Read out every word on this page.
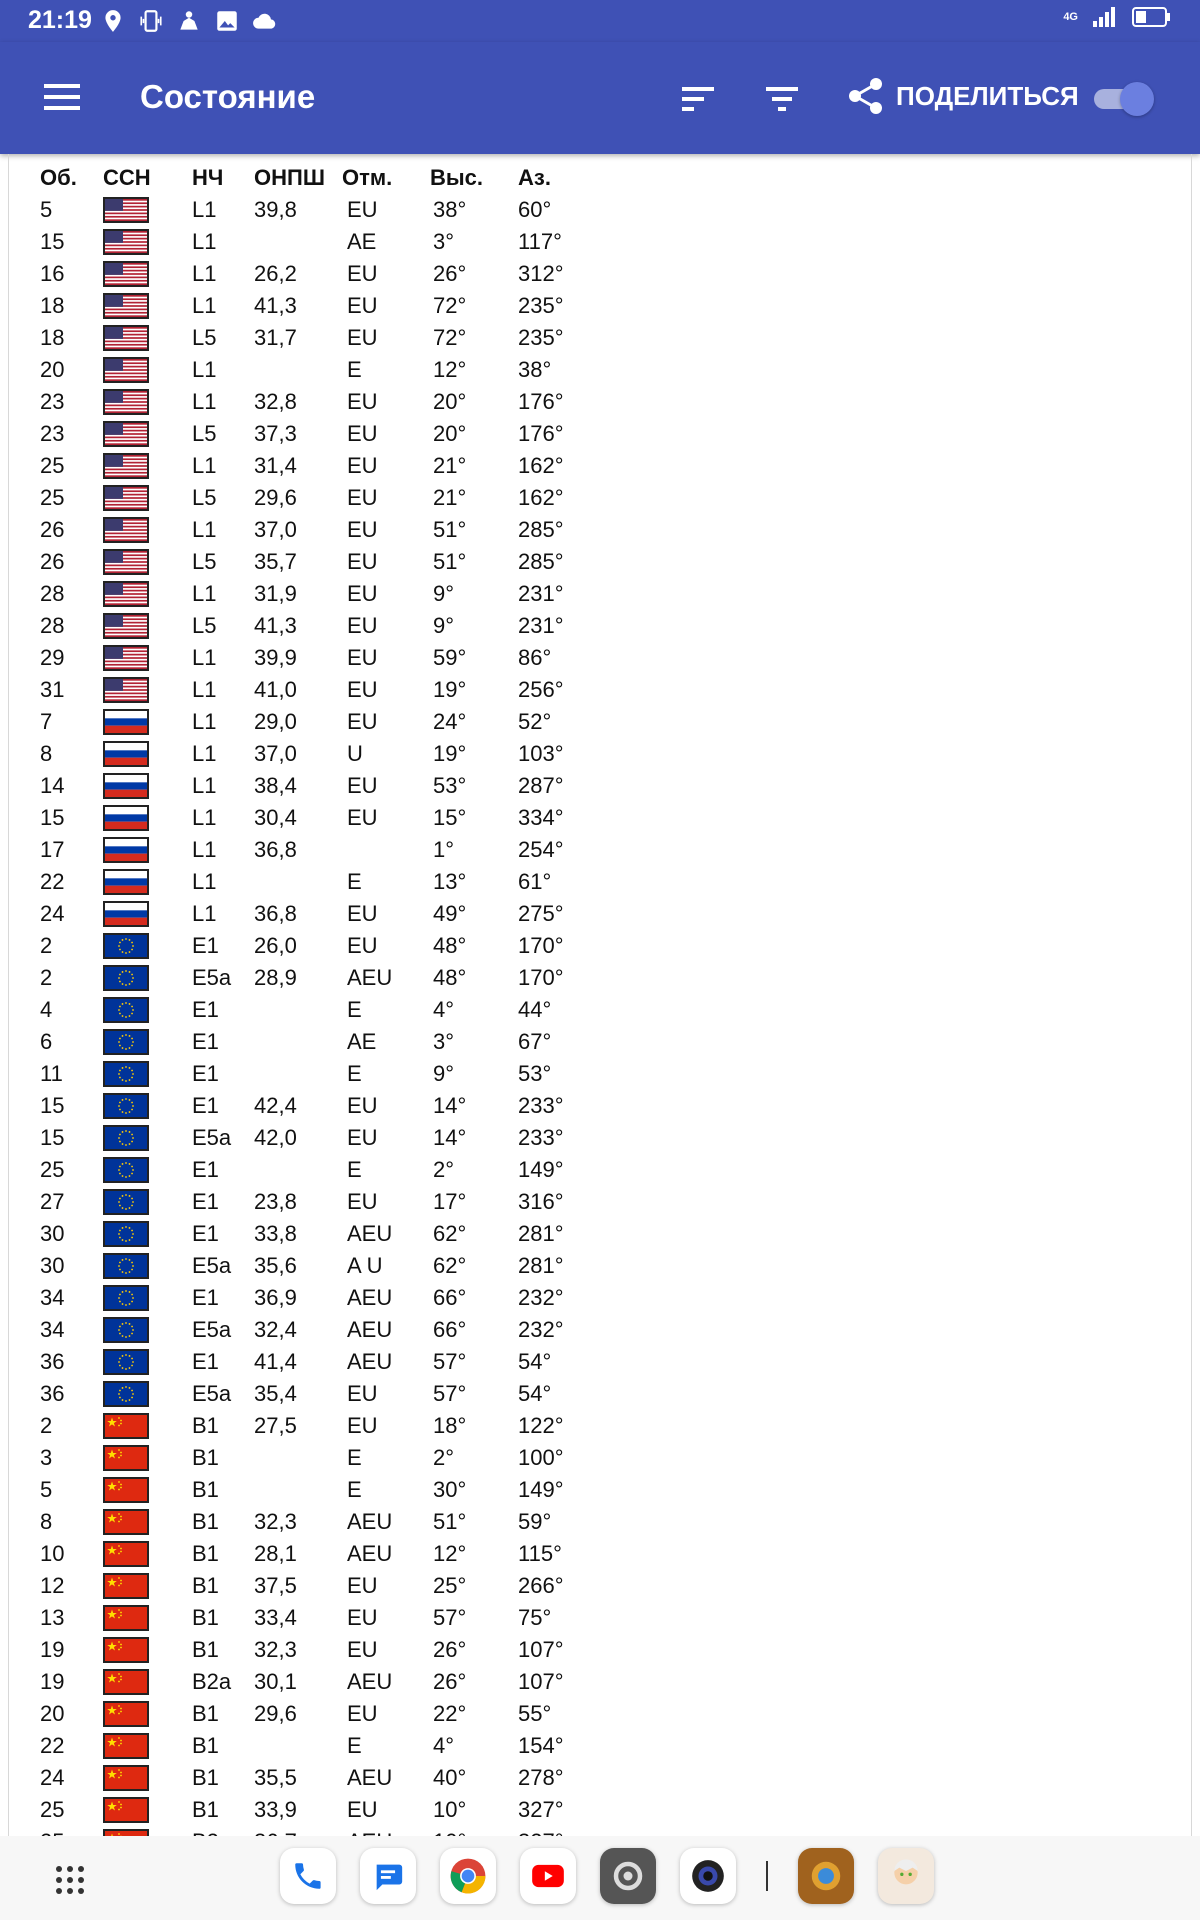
21:19	4G
Состояние	ПОДЕЛИТЬСЯ
Об.	ССН	НЧ	ОНПШ	Отм.	Выс.	Аз.
5		L1	39,8	EU	38°	60°
15		L1		AE	3°	117°
16		L1	26,2	EU	26°	312°
18		L1	41,3	EU	72°	235°
18		L5	31,7	EU	72°	235°
20		L1		E	12°	38°
23		L1	32,8	EU	20°	176°
23		L5	37,3	EU	20°	176°
25		L1	31,4	EU	21°	162°
25		L5	29,6	EU	21°	162°
26		L1	37,0	EU	51°	285°
26		L5	35,7	EU	51°	285°
28		L1	31,9	EU	9°	231°
28		L5	41,3	EU	9°	231°
29		L1	39,9	EU	59°	86°
31		L1	41,0	EU	19°	256°
7		L1	29,0	EU	24°	52°
8		L1	37,0	U	19°	103°
14		L1	38,4	EU	53°	287°
15		L1	30,4	EU	15°	334°
17		L1	36,8		1°	254°
22		L1		E	13°	61°
24		L1	36,8	EU	49°	275°
2		E1	26,0	EU	48°	170°
2		E5a	28,9	AEU	48°	170°
4		E1		E	4°	44°
6		E1		AE	3°	67°
11		E1		E	9°	53°
15		E1	42,4	EU	14°	233°
15		E5a	42,0	EU	14°	233°
25		E1		E	2°	149°
27		E1	23,8	EU	17°	316°
30		E1	33,8	AEU	62°	281°
30		E5a	35,6	A U	62°	281°
34		E1	36,9	AEU	66°	232°
34		E5a	32,4	AEU	66°	232°
36		E1	41,4	AEU	57°	54°
36		E5a	35,4	EU	57°	54°
2		B1	27,5	EU	18°	122°
3		B1		E	2°	100°
5		B1		E	30°	149°
8		B1	32,3	AEU	51°	59°
10		B1	28,1	AEU	12°	115°
12		B1	37,5	EU	25°	266°
13		B1	33,4	EU	57°	75°
19		B1	32,3	EU	26°	107°
19		B2a	30,1	AEU	26°	107°
20		B1	29,6	EU	22°	55°
22		B1		E	4°	154°
24		B1	35,5	AEU	40°	278°
25		B1	33,9	EU	10°	327°
